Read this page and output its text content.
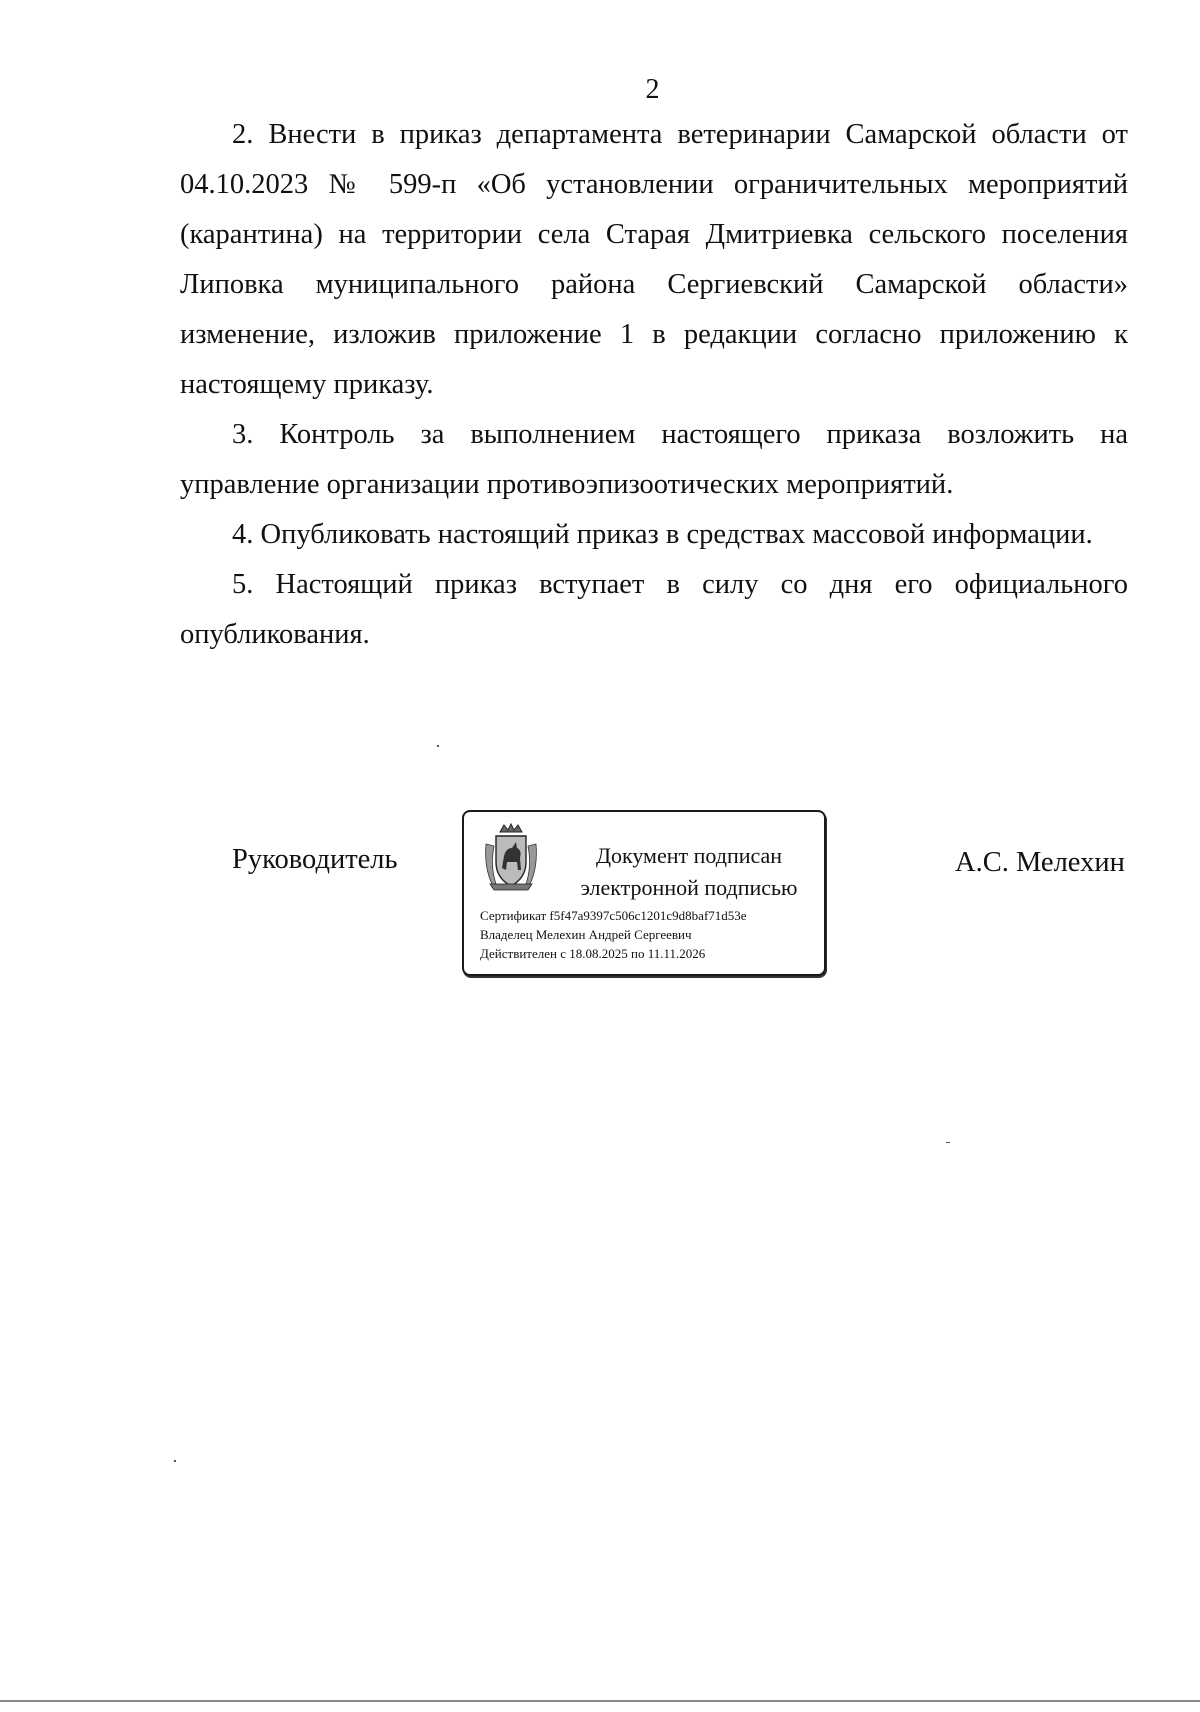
2

2. Внести в приказ департамента ветеринарии Самарской области от 04.10.2023 № 599-п «Об установлении ограничительных мероприятий (карантина) на территории села Старая Дмитриевка сельского поселения Липовка муниципального района Сергиевский Самарской области» изменение, изложив приложение 1 в редакции согласно приложению к настоящему приказу.

3. Контроль за выполнением настоящего приказа возложить на управление организации противоэпизоотических мероприятий.

4. Опубликовать настоящий приказ в средствах массовой информации.

5. Настоящий приказ вступает в силу со дня его официального опубликования.

Руководитель	Документ подписан
электронной подписью
Сертификат f5f47a9397c506c1201c9d8baf71d53e
Владелец Мелехин Андрей Сергеевич
Действителен с 18.08.2025 по 11.11.2026
А.С. Мелехин
